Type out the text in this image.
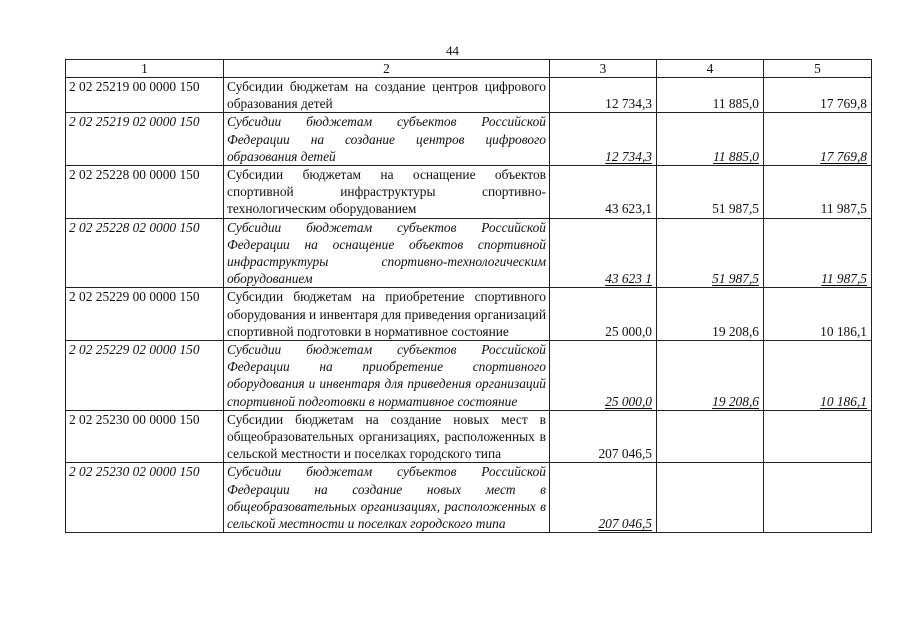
44
1	2	3	4	5
2 02 25219 00 0000 150	Субсидии бюджетам на создание центров цифрового образования детей	12 734,3	11 885,0	17 769,8
2 02 25219 02 0000 150	Субсидии бюджетам субъектов Российской Федерации на создание центров цифрового образования детей	12 734,3	11 885,0	17 769,8
2 02 25228 00 0000 150	Субсидии бюджетам на оснащение объектов спортивной инфраструктуры спортивно-технологическим оборудованием	43 623,1	51 987,5	11 987,5
2 02 25228 02 0000 150	Субсидии бюджетам субъектов Российской Федерации на оснащение объектов спортивной инфраструктуры спортивно-технологическим оборудованием	43 623 1	51 987,5	11 987,5
2 02 25229 00 0000 150	Субсидии бюджетам на приобретение спортивного оборудования и инвентаря для приведения организаций спортивной подготовки в нормативное состояние	25 000,0	19 208,6	10 186,1
2 02 25229 02 0000 150	Субсидии бюджетам субъектов Российской Федерации на приобретение спортивного оборудования и инвентаря для приведения организаций спортивной подготовки в нормативное состояние	25 000,0	19 208,6	10 186,1
2 02 25230 00 0000 150	Субсидии бюджетам на создание новых мест в общеобразовательных организациях, расположенных в сельской местности и поселках городского типа	207 046,5		
2 02 25230 02 0000 150	Субсидии бюджетам субъектов Российской Федерации на создание новых мест в общеобразовательных организациях, расположенных в сельской местности и поселках городского типа	207 046,5		
